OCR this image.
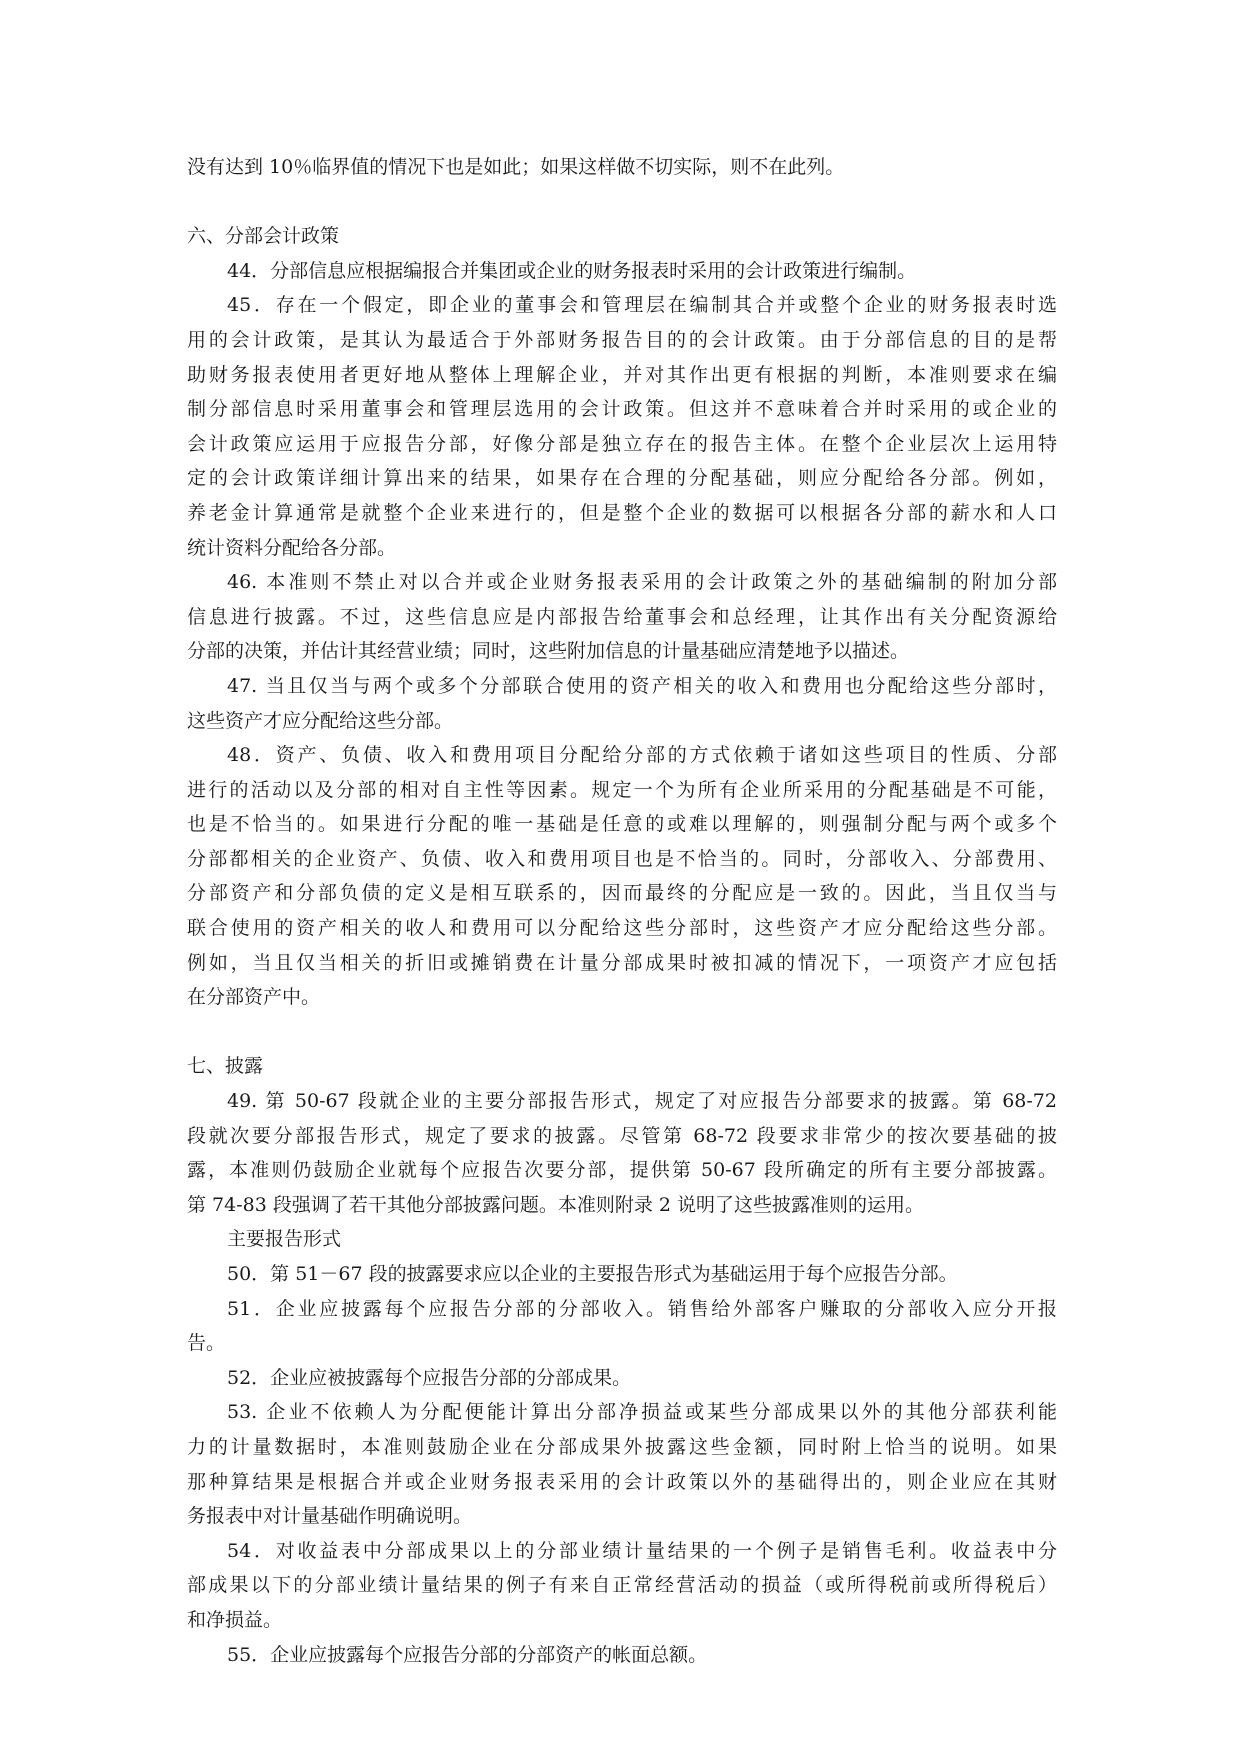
没有达到 10％临界值的情况下也是如此；如果这样做不切实际，则不在此列。
六、分部会计政策
44．分部信息应根据编报合并集团或企业的财务报表时采用的会计政策进行编制。
45．存在一个假定，即企业的董事会和管理层在编制其合并或整个企业的财务报表时选
用的会计政策，是其认为最适合于外部财务报告目的的会计政策。由于分部信息的目的是帮
助财务报表使用者更好地从整体上理解企业，并对其作出更有根据的判断，本准则要求在编
制分部信息时采用董事会和管理层选用的会计政策。但这并不意味着合并时采用的或企业的
会计政策应运用于应报告分部，好像分部是独立存在的报告主体。在整个企业层次上运用特
定的会计政策详细计算出来的结果，如果存在合理的分配基础，则应分配给各分部。例如，
养老金计算通常是就整个企业来进行的，但是整个企业的数据可以根据各分部的薪水和人口
统计资料分配给各分部。
46. 本准则不禁止对以合并或企业财务报表采用的会计政策之外的基础编制的附加分部
信息进行披露。不过，这些信息应是内部报告给董事会和总经理，让其作出有关分配资源给
分部的决策，并估计其经营业绩；同时，这些附加信息的计量基础应清楚地予以描述。
47. 当且仅当与两个或多个分部联合使用的资产相关的收入和费用也分配给这些分部时，
这些资产才应分配给这些分部。
48．资产、负债、收入和费用项目分配给分部的方式依赖于诸如这些项目的性质、分部
进行的活动以及分部的相对自主性等因素。规定一个为所有企业所采用的分配基础是不可能，
也是不恰当的。如果进行分配的唯一基础是任意的或难以理解的，则强制分配与两个或多个
分部都相关的企业资产、负债、收入和费用项目也是不恰当的。同时，分部收入、分部费用、
分部资产和分部负债的定义是相互联系的，因而最终的分配应是一致的。因此，当且仅当与
联合使用的资产相关的收人和费用可以分配给这些分部时，这些资产才应分配给这些分部。
例如，当且仅当相关的折旧或摊销费在计量分部成果时被扣减的情况下，一项资产才应包括
在分部资产中。
七、披露
49. 第 50-67 段就企业的主要分部报告形式，规定了对应报告分部要求的披露。第 68-72
段就次要分部报告形式，规定了要求的披露。尽管第 68-72 段要求非常少的按次要基础的披
露，本准则仍鼓励企业就每个应报告次要分部，提供第 50-67 段所确定的所有主要分部披露。
第 74-83 段强调了若干其他分部披露问题。本准则附录 2 说明了这些披露准则的运用。
主要报告形式
50．第 51－67 段的披露要求应以企业的主要报告形式为基础运用于每个应报告分部。
51．企业应披露每个应报告分部的分部收入。销售给外部客户赚取的分部收入应分开报
告。
52．企业应被披露每个应报告分部的分部成果。
53. 企业不依赖人为分配便能计算出分部净损益或某些分部成果以外的其他分部获利能
力的计量数据时，本准则鼓励企业在分部成果外披露这些金额，同时附上恰当的说明。如果
那种算结果是根据合并或企业财务报表采用的会计政策以外的基础得出的，则企业应在其财
务报表中对计量基础作明确说明。
54．对收益表中分部成果以上的分部业绩计量结果的一个例子是销售毛利。收益表中分
部成果以下的分部业绩计量结果的例子有来自正常经营活动的损益（或所得税前或所得税后）
和净损益。
55．企业应披露每个应报告分部的分部资产的帐面总额。
